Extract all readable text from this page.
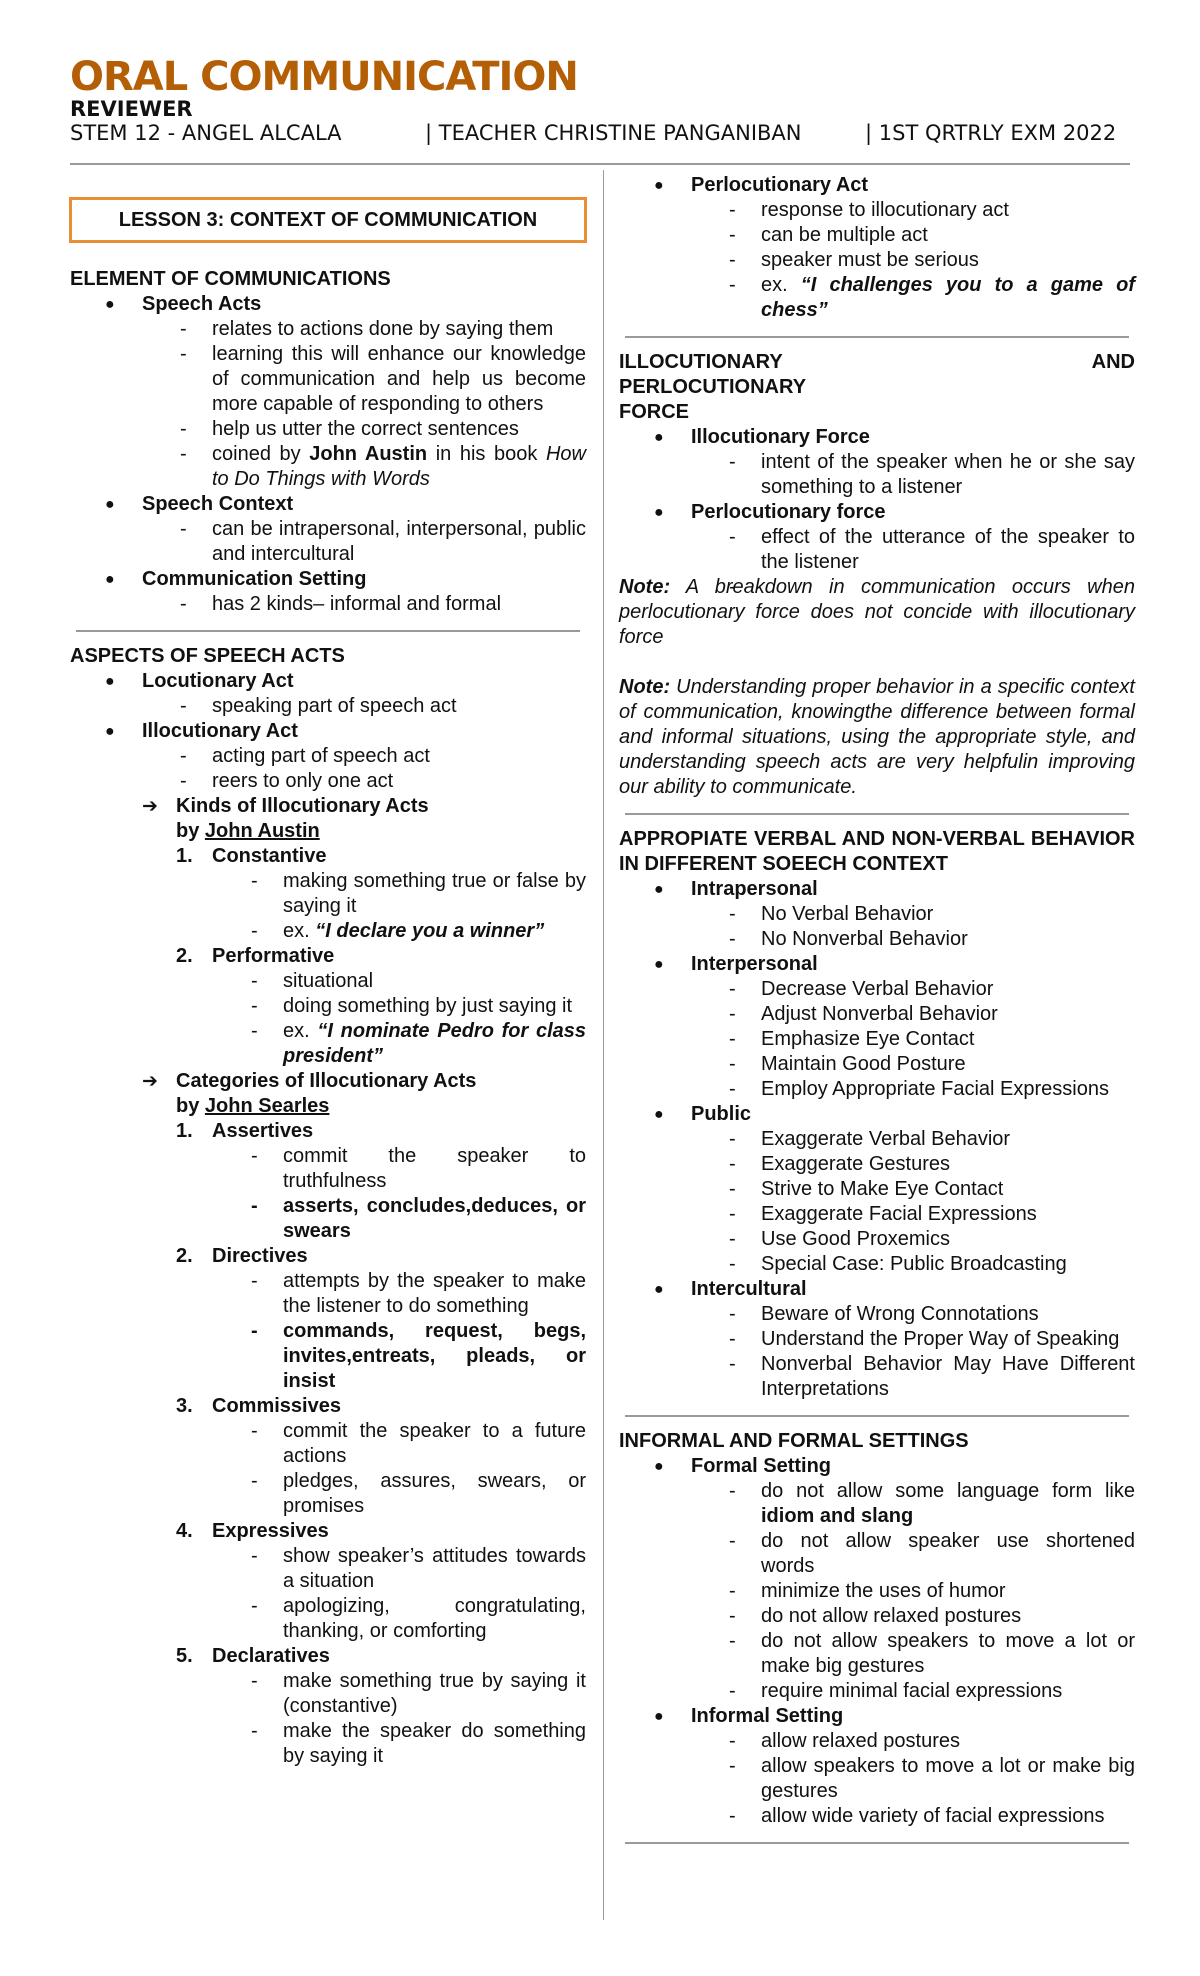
ORAL COMMUNICATION
REVIEWER
STEM 12 - ANGEL ALCALA	| TEACHER CHRISTINE PANGANIBAN	| 1ST QRTRLY EXM 2022
LESSON 3: CONTEXT OF COMMUNICATION
ELEMENT OF COMMUNICATIONS
● Speech Acts
- relates to actions done by saying them
- learning this will enhance our knowledge of communication and help us become more capable of responding to others
- help us utter the correct sentences
- coined by John Austin in his book How to Do Things with Words
● Speech Context
- can be intrapersonal, interpersonal, public and intercultural
● Communication Setting
- has 2 kinds– informal and formal
ASPECTS OF SPEECH ACTS
● Locutionary Act
- speaking part of speech act
● Illocutionary Act
- acting part of speech act
- reers to only one act
➔ Kinds of Illocutionary Acts
by John Austin
1. Constantive
- making something true or false by saying it
- ex. “I declare you a winner”
2. Performative
- situational
- doing something by just saying it
- ex. “I nominate Pedro for class president”
➔ Categories of Illocutionary Acts
by John Searles
1. Assertives
- commit the speaker to truthfulness
- asserts, concludes,deduces, or swears
2. Directives
- attempts by the speaker to make the listener to do something
- commands, request, begs, invites,entreats, pleads, or insist
3. Commissives
- commit the speaker to a future actions
- pledges, assures, swears, or promises
4. Expressives
- show speaker’s attitudes towards a situation
- apologizing, congratulating, thanking, or comforting
5. Declaratives
- make something true by saying it (constantive)
- make the speaker do something by saying it
● Perlocutionary Act
- response to illocutionary act
- can be multiple act
- speaker must be serious
- ex. “I challenges you to a game of chess”
ILLOCUTIONARY AND PERLOCUTIONARY
FORCE
● Illocutionary Force
- intent of the speaker when he or she say something to a listener
● Perlocutionary force
- effect of the utterance of the speaker to the listener
Note: A breakdown in communication occurs when perlocutionary force does not concide with illocutionary force
Note: Understanding proper behavior in a specific context of communication, knowingthe difference between formal and informal situations, using the appropriate style, and understanding speech acts are very helpfulin improving our ability to communicate.
APPROPIATE VERBAL AND NON-VERBAL BEHAVIOR IN DIFFERENT SOEECH CONTEXT
● Intrapersonal
- No Verbal Behavior
- No Nonverbal Behavior
● Interpersonal
- Decrease Verbal Behavior
- Adjust Nonverbal Behavior
- Emphasize Eye Contact
- Maintain Good Posture
- Employ Appropriate Facial Expressions
● Public
- Exaggerate Verbal Behavior
- Exaggerate Gestures
- Strive to Make Eye Contact
- Exaggerate Facial Expressions
- Use Good Proxemics
- Special Case: Public Broadcasting
● Intercultural
- Beware of Wrong Connotations
- Understand the Proper Way of Speaking
- Nonverbal Behavior May Have Different Interpretations
INFORMAL AND FORMAL SETTINGS
● Formal Setting
- do not allow some language form like idiom and slang
- do not allow speaker use shortened words
- minimize the uses of humor
- do not allow relaxed postures
- do not allow speakers to move a lot or make big gestures
- require minimal facial expressions
● Informal Setting
- allow relaxed postures
- allow speakers to move a lot or make big gestures
- allow wide variety of facial expressions
